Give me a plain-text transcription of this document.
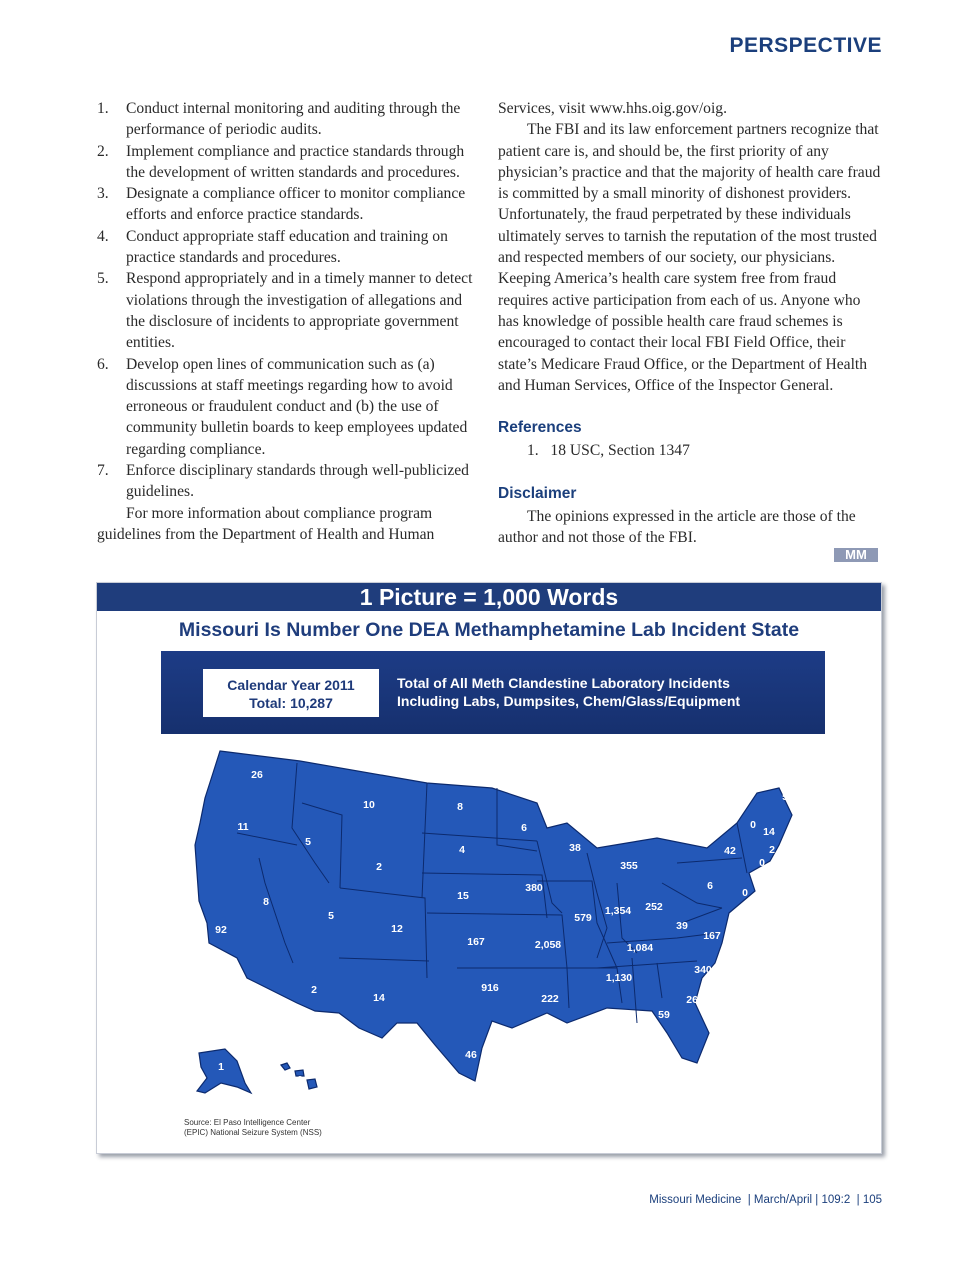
PERSPECTIVE
1.	Conduct internal monitoring and auditing through the performance of periodic audits.
2.	Implement compliance and practice standards through the development of written standards and procedures.
3.	Designate a compliance officer to monitor compliance efforts and enforce practice standards.
4.	Conduct appropriate staff education and training on practice standards and procedures.
5.	Respond appropriately and in a timely manner to detect violations through the investigation of allegations and the disclosure of incidents to appropriate government entities.
6.	Develop open lines of communication such as (a) discussions at staff meetings regarding how to avoid erroneous or fraudulent conduct and (b) the use of community bulletin boards to keep employees updated regarding compliance.
7.	Enforce disciplinary standards through well-publicized guidelines.

For more information about compliance program guidelines from the Department of Health and Human

Services, visit www.hhs.oig.gov/oig.

The FBI and its law enforcement partners recognize that patient care is, and should be, the first priority of any physician’s practice and that the majority of health care fraud is committed by a small minority of dishonest providers. Unfortunately, the fraud perpetrated by these individuals ultimately serves to tarnish the reputation of the most trusted and respected members of our society, our physicians. Keeping America’s health care system free from fraud requires active participation from each of us. Anyone who has knowledge of possible health care fraud schemes is encouraged to contact their local FBI Field Office, their state’s Medicare Fraud Office, or the Department of Health and Human Services, Office of the Inspector General.

References
1. 18 USC, Section 1347
Disclaimer

The opinions expressed in the article are those of the author and not those of the FBI.

MM
1 Picture = 1,000 Words
Missouri Is Number One DEA Methamphetamine Lab Incident State
Calendar Year 2011
Total: 10,287
Total of All Meth Clandestine Laboratory Incidents
Including Labs, Dumpsites, Chem/Glass/Equipment
26
11
92
5
8
10
2
5
2
12
14
8
4
15
167
916
46
6
380
2,058
222
36
38
579
355
1,354 252
1,084
1,130
259
177 59
72
267
340
167
39
6
42
5
0
14
2
0
0
0
0
1
0 DC
1
0
Source: El Paso Intelligence Center
(EPIC) National Seizure System (NSS)
Missouri Medicine  | March/April | 109:2  | 105
